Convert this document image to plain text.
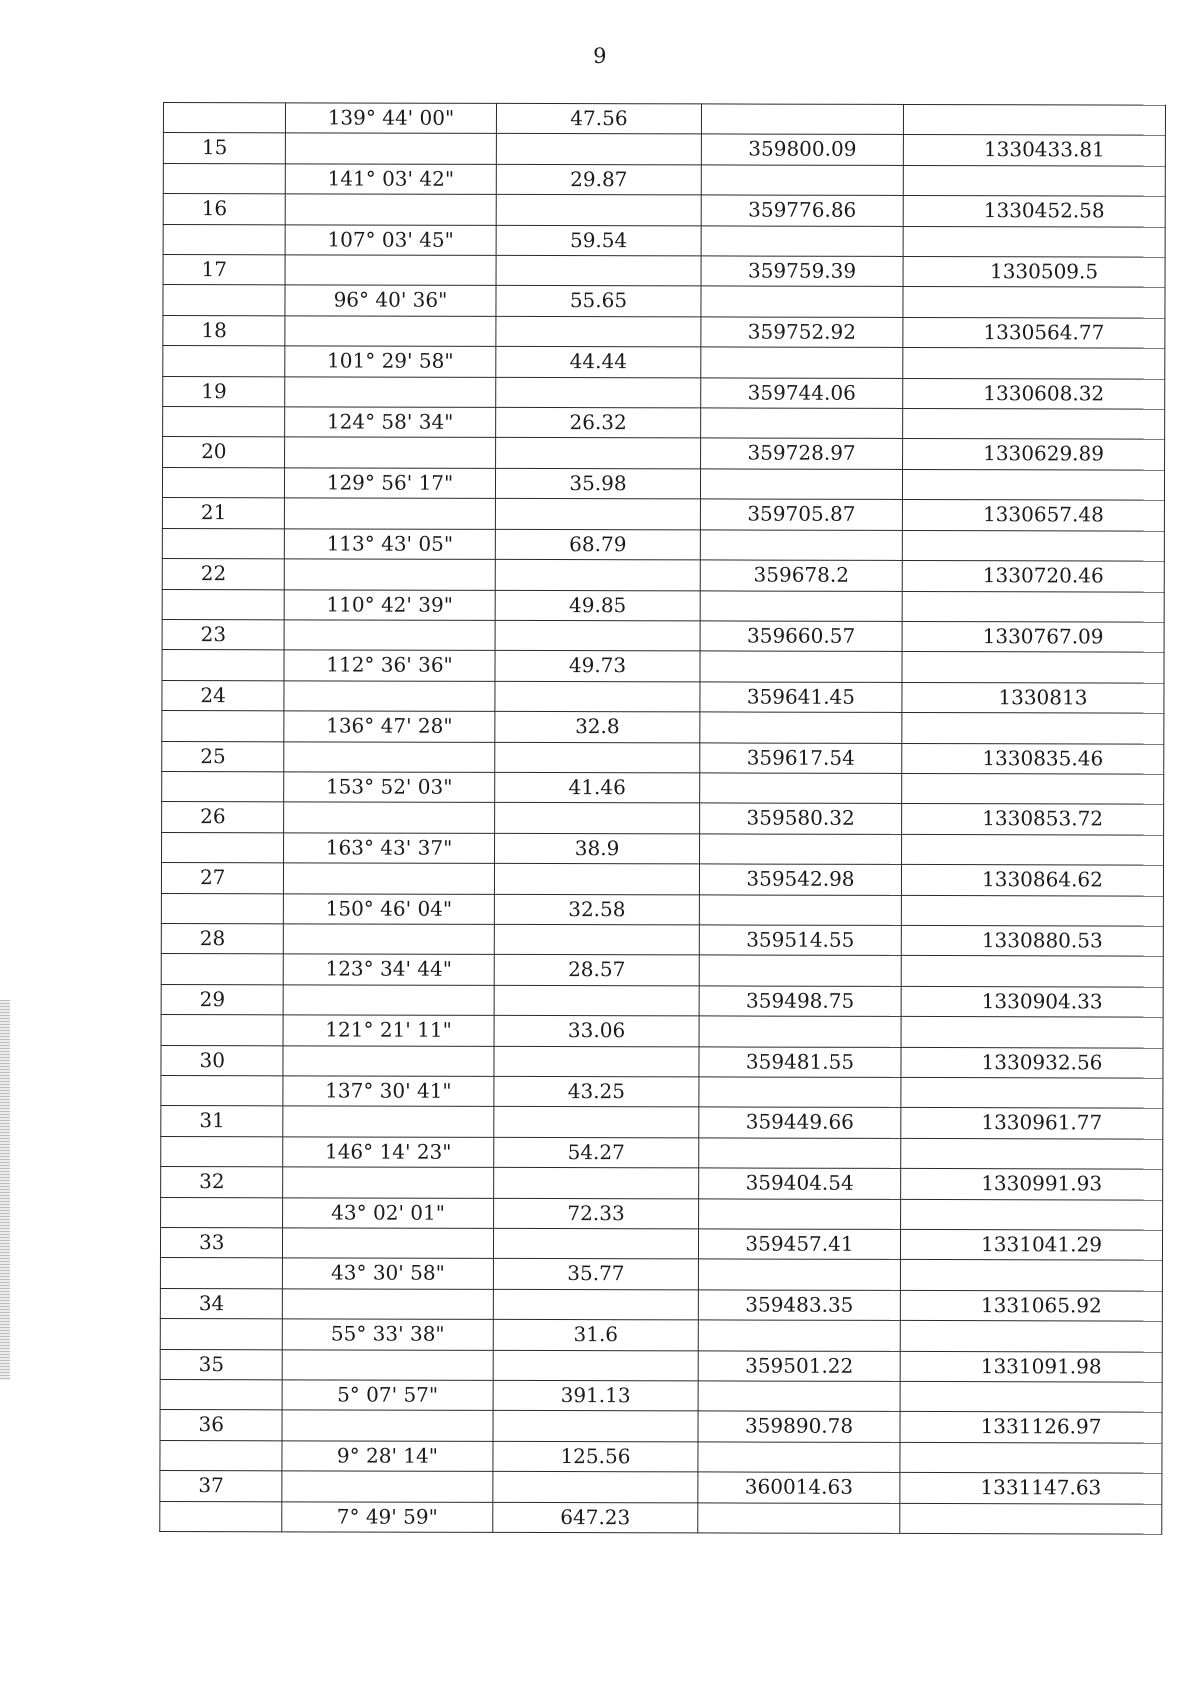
9
	139° 44' 00"	47.56		
15			359800.09	1330433.81
	141° 03' 42"	29.87		
16			359776.86	1330452.58
	107° 03' 45"	59.54		
17			359759.39	1330509.5
	96° 40' 36"	55.65		
18			359752.92	1330564.77
	101° 29' 58"	44.44		
19			359744.06	1330608.32
	124° 58' 34"	26.32		
20			359728.97	1330629.89
	129° 56' 17"	35.98		
21			359705.87	1330657.48
	113° 43' 05"	68.79		
22			359678.2	1330720.46
	110° 42' 39"	49.85		
23			359660.57	1330767.09
	112° 36' 36"	49.73		
24			359641.45	1330813
	136° 47' 28"	32.8		
25			359617.54	1330835.46
	153° 52' 03"	41.46		
26			359580.32	1330853.72
	163° 43' 37"	38.9		
27			359542.98	1330864.62
	150° 46' 04"	32.58		
28			359514.55	1330880.53
	123° 34' 44"	28.57		
29			359498.75	1330904.33
	121° 21' 11"	33.06		
30			359481.55	1330932.56
	137° 30' 41"	43.25		
31			359449.66	1330961.77
	146° 14' 23"	54.27		
32			359404.54	1330991.93
	43° 02' 01"	72.33		
33			359457.41	1331041.29
	43° 30' 58"	35.77		
34			359483.35	1331065.92
	55° 33' 38"	31.6		
35			359501.22	1331091.98
	5° 07' 57"	391.13		
36			359890.78	1331126.97
	9° 28' 14"	125.56		
37			360014.63	1331147.63
	7° 49' 59"	647.23		
